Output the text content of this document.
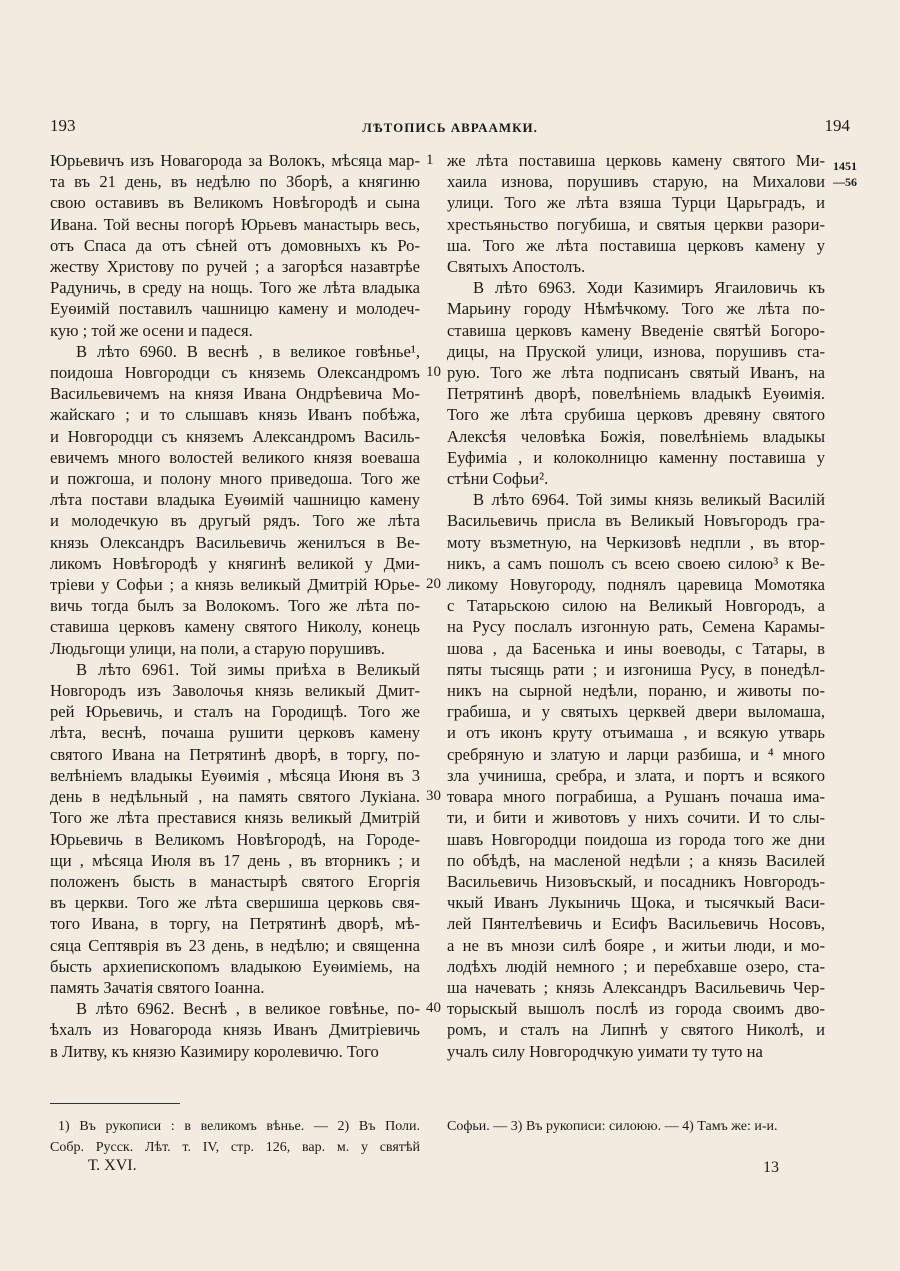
193	ЛѢТОПИСЬ АВРААМКИ.	194

Юрьевичъ изъ Новагорода за Волокъ, мѣсяца мар-

та въ 21 день, въ недѣлю по Зборѣ, а княгиню

свою оставивъ въ Великомъ Новѣгородѣ и сына

Ивана. Той весны погорѣ Юрьевъ манастырь весь,

отъ Спаса да отъ сѣней отъ домовныхъ къ Ро-

жеству Христову по ручей ; а загорѣся назавтрѣе

Радуничь, в среду на нощь. Того же лѣта владыка

Еуѳимій поставилъ чашницю камену и молодеч-

кую ; той же осени и падеся.

В лѣто 6960. В веснѣ , в великое говѣнье¹,

поидоша Новгородци съ княземь Олександромъ

Васильевичемъ на князя Ивана Ондрѣевича Мо-

жайскаго ; и то слышавъ князь Иванъ побѣжа,

и Новгородци съ княземъ Александромъ Василь-

евичемъ много волостей великого князя воеваша

и пожгоша, и полону много приведоша. Того же

лѣта постави владыка Еуѳимій чашницю камену

и молодечкую въ другый рядъ. Того же лѣта

князь Олександръ Васильевичь женилъся в Ве-

ликомъ Новѣгородѣ у княгинѣ великой у Дми-

тріеви у Софьи ; а князь великый Дмитрій Юрье-

вичь тогда былъ за Волокомъ. Того же лѣта по-

ставиша церковъ камену святого Николу, конець

Людьгощи улици, на поли, а старую порушивъ.

В лѣто 6961. Той зимы приѣха в Великый

Новгородъ изъ Заволочья князь великый Дмит-

рей Юрьевичь, и сталъ на Городищѣ. Того же

лѣта, веснѣ, почаша рушити церковъ камену

святого Ивана на Петрятинѣ дворѣ, в торгу, по-

велѣніемъ владыкы Еуѳимія , мѣсяца Июня въ 3

день в недѣльный , на память святого Лукіана.

Того же лѣта преставися князь великый Дмитрій

Юрьевичь в Великомъ Новѣгородѣ, на Городе-

щи , мѣсяца Июля въ 17 день , въ вторникъ ; и

положенъ бысть в манастырѣ святого Егоргія

въ церкви. Того же лѣта свершиша церковь свя-

того Ивана, в торгу, на Петрятинѣ дворѣ, мѣ-

сяца Септяврія въ 23 день, в недѣлю; и священна

бысть архиепископомъ владыкою Еуѳиміемь, на

память Зачатія святого Іоанна.

В лѣто 6962. Веснѣ , в великое говѣнье, по-

ѣхалъ из Новагорода князь Иванъ Дмитріевичь

в Литву, къ князю Казимиру королевичю. Того

же лѣта поставиша церковь камену святого Ми-

хаила изнова, порушивъ старую, на Михалови

улици. Того же лѣта взяша Турци Царьградъ, и

хрестьяньство погубиша, и святыя церкви разори-

ша. Того же лѣта поставиша церковъ камену у

Святыхъ Апостолъ.

В лѣто 6963. Ходи Казимиръ Ягаиловичь къ

Марьину городу Нѣмѣчкому. Того же лѣта по-

ставиша церковъ камену Введеніе святѣй Богоро-

дицы, на Пруской улици, изнова, порушивъ ста-

рую. Того же лѣта подписанъ святый Иванъ, на

Петрятинѣ дворѣ, повелѣніемь владыкѣ Еуѳимія.

Того же лѣта срубиша церковъ древяну святого

Алексѣя человѣка Божія, повелѣніемь владыкы

Еуфиміа , и колоколницю каменну поставиша у

стѣни Софьи².

В лѣто 6964. Той зимы князь великый Василій

Васильевичь присла въ Великый Новъгородъ гра-

моту възметную, на Черкизовѣ недпли , въ втор-

никъ, а самъ пошолъ съ всею своею силою³ к Ве-

ликому Новугороду, поднялъ царевица Момотяка

с Татарьскою силою на Великый Новгородъ, а

на Русу послалъ изгонную рать, Семена Карамы-

шова , да Басенька и ины воеводы, с Татары, в

пяты тысящь рати ; и изгониша Русу, в понедѣл-

никъ на сырной недѣли, пораню, и животы по-

грабиша, и у святыхъ церквей двери выломаша,

и отъ иконъ круту отъимаша , и всякую утварь

сребряную и златую и ларци разбиша, и ⁴ много

зла учиниша, сребра, и злата, и портъ и всякого

товара много пограбиша, а Рушанъ почаша има-

ти, и бити и животовъ у нихъ сочити. И то слы-

шавъ Новгородци поидоша из города того же дни

по обѣдѣ, на масленой недѣли ; а князь Василей

Васильевичь Низовъскый, и посадникъ Новгородъ-

чкый Иванъ Лукыничь Щока, и тысячкый Васи-

лей Пянтелѣевичь и Есифъ Васильевичь Носовъ,

а не въ мнози силѣ бояре , и житьи люди, и мо-

лодѣхъ людій немного ; и перебхавше озеро, ста-

ша начевать ; князь Александръ Васильевичь Чер-

торыскый вышолъ послѣ из города своимъ дво-

ромъ, и сталъ на Липнѣ у святого Николѣ, и

учалъ силу Новгородчкую уимати ту туто на

1
10
20
30
40
1451
—56
1) Въ рукописи : в великомъ вѣнье. — 2) Въ Поли.
Собр. Русск. Лѣт. т. IV, стр. 126, вар. м. у святѣй
Софьи. — 3) Въ рукописи: силоюю. — 4) Тамъ же: и-и.
Т. XVI.	13
